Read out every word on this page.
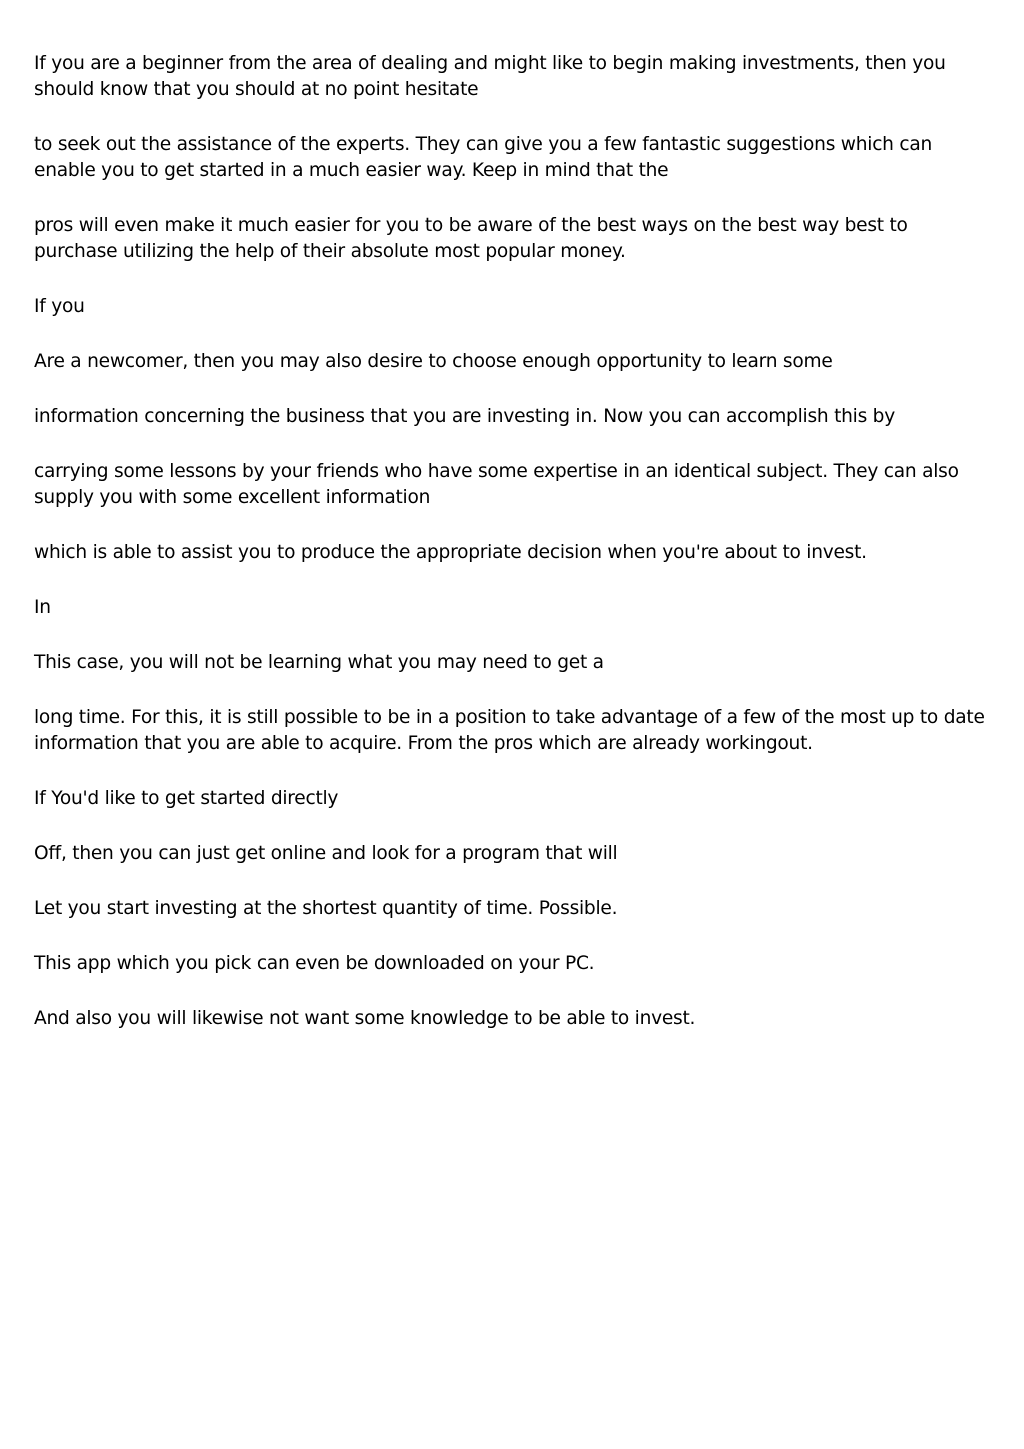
If you are a beginner from the area of dealing and might like to begin making investments, then you should know that you should at no point hesitate

to seek out the assistance of the experts. They can give you a few fantastic suggestions which can enable you to get started in a much easier way. Keep in mind that the

pros will even make it much easier for you to be aware of the best ways on the best way best to purchase utilizing the help of their absolute most popular money.

If you

Are a newcomer, then you may also desire to choose enough opportunity to learn some

information concerning the business that you are investing in. Now you can accomplish this by

carrying some lessons by your friends who have some expertise in an identical subject. They can also supply you with some excellent information

which is able to assist you to produce the appropriate decision when you're about to invest.

In

This case, you will not be learning what you may need to get a

long time. For this, it is still possible to be in a position to take advantage of a few of the most up to date information that you are able to acquire. From the pros which are already workingout.

If You'd like to get started directly

Off, then you can just get online and look for a program that will

Let you start investing at the shortest quantity of time. Possible.

This app which you pick can even be downloaded on your PC.

And also you will likewise not want some knowledge to be able to invest.
